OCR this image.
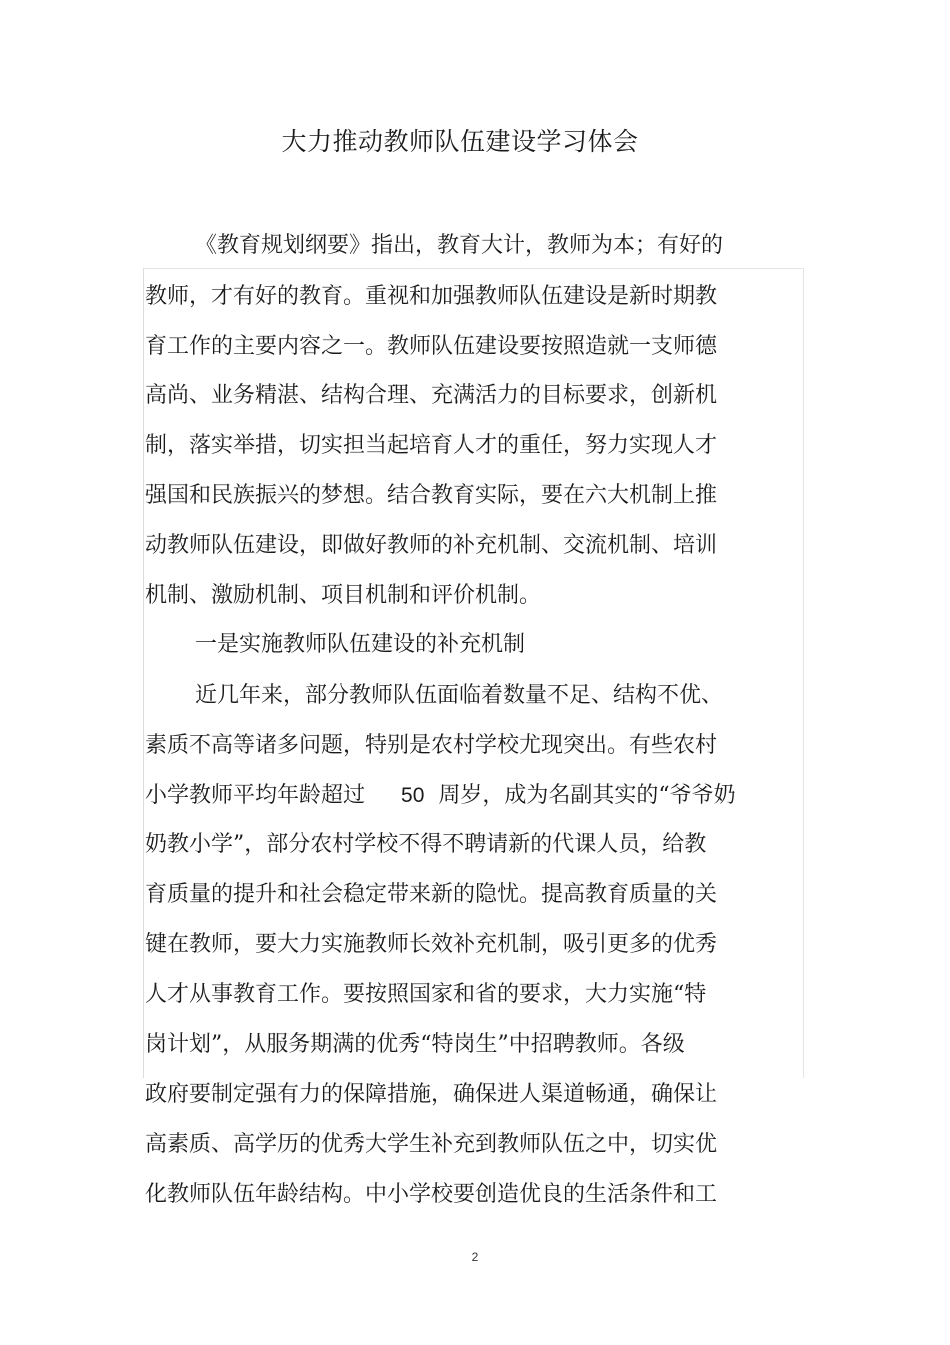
大力推动教师队伍建设学习体会
《教育规划纲要》指出，教育大计，教师为本；有好的
教师，才有好的教育。重视和加强教师队伍建设是新时期教
育工作的主要内容之一。教师队伍建设要按照造就一支师德
高尚、业务精湛、结构合理、充满活力的目标要求，创新机
制，落实举措，切实担当起培育人才的重任，努力实现人才
强国和民族振兴的梦想。结合教育实际，要在六大机制上推
动教师队伍建设，即做好教师的补充机制、交流机制、培训
机制、激励机制、项目机制和评价机制。
一是实施教师队伍建设的补充机制
近几年来，部分教师队伍面临着数量不足、结构不优、
素质不高等诸多问题，特别是农村学校尤现突出。有些农村
小学教师平均年龄超过 50 周岁，成为名副其实的“爷爷奶
奶教小学”，部分农村学校不得不聘请新的代课人员，给教
育质量的提升和社会稳定带来新的隐忧。提高教育质量的关
键在教师，要大力实施教师长效补充机制，吸引更多的优秀
人才从事教育工作。要按照国家和省的要求，大力实施“特
岗计划”，从服务期满的优秀“特岗生”中招聘教师。各级
政府要制定强有力的保障措施，确保进人渠道畅通，确保让
高素质、高学历的优秀大学生补充到教师队伍之中，切实优
化教师队伍年龄结构。中小学校要创造优良的生活条件和工
2
